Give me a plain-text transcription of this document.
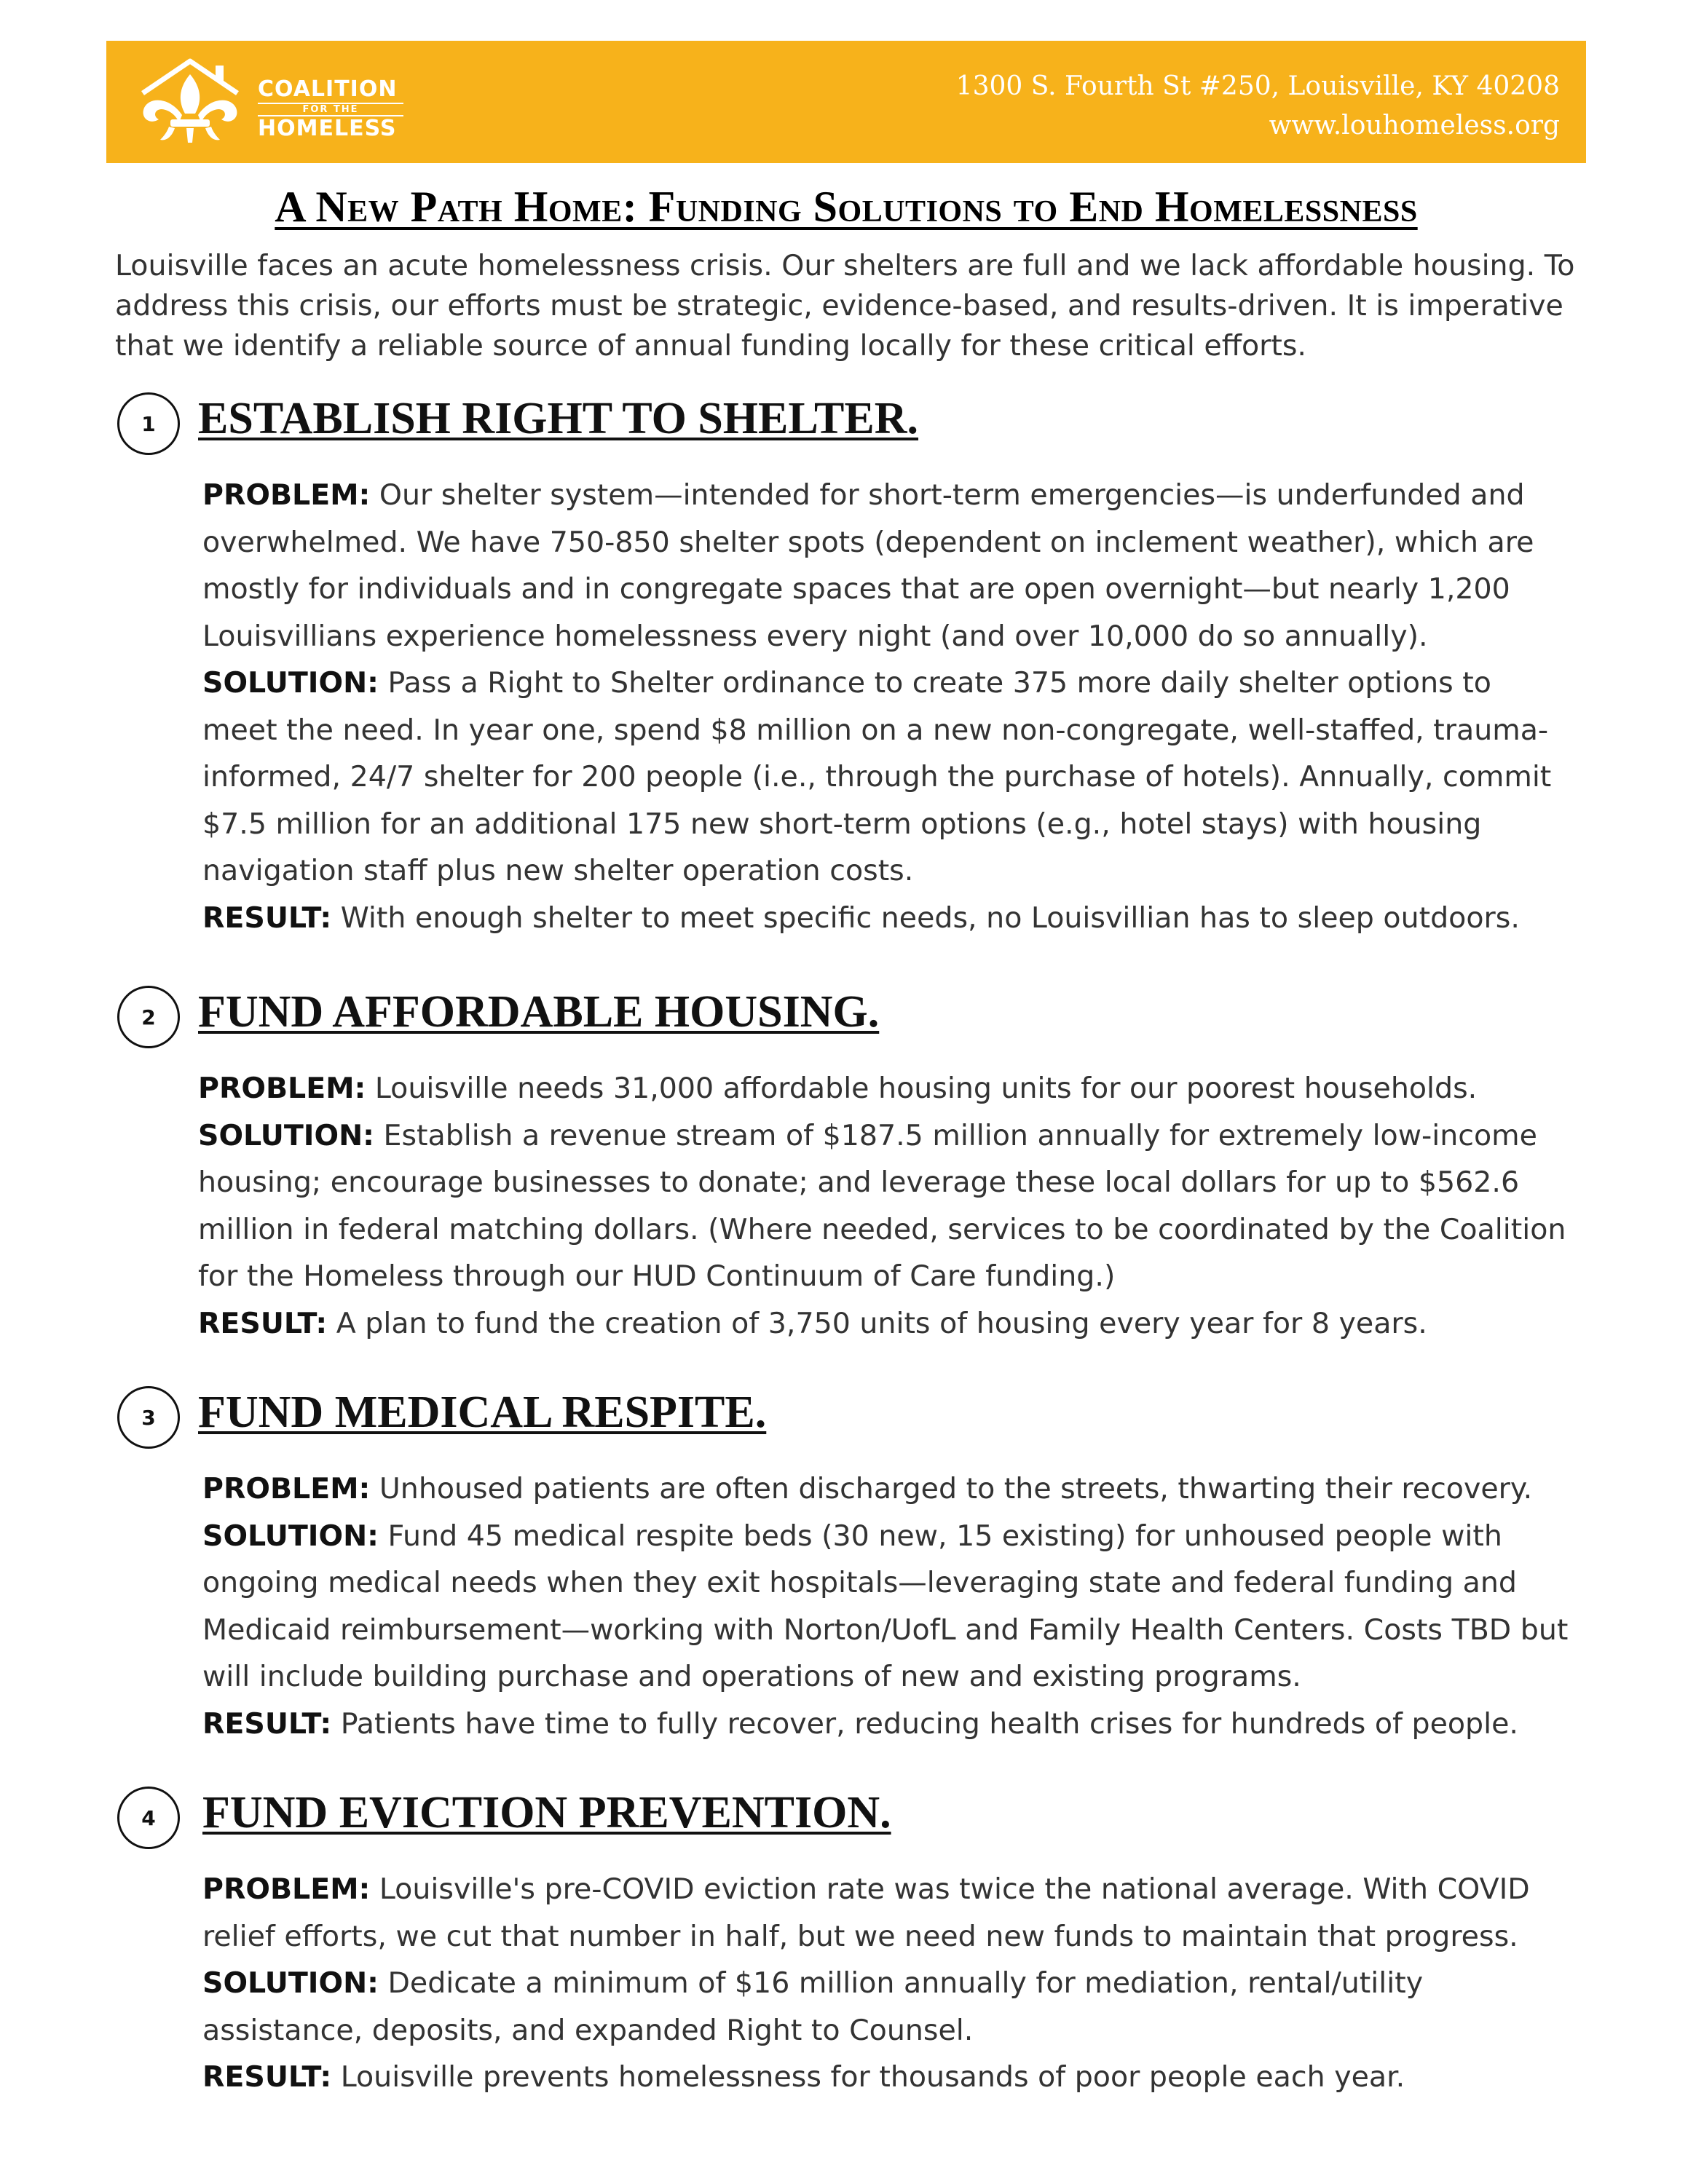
COALITION
FOR THE
HOMELESS
1300 S. Fourth St #250, Louisville, KY 40208
www.louhomeless.org
A New Path Home: Funding Solutions to End Homelessness
Louisville faces an acute homelessness crisis. Our shelters are full and we lack affordable housing. To address this crisis, our efforts must be strategic, evidence-based, and results-driven. It is imperative that we identify a reliable source of annual funding locally for these critical efforts.
1 ESTABLISH RIGHT TO SHELTER.

PROBLEM: Our shelter system—intended for short-term emergencies—is underfunded and overwhelmed. We have 750-850 shelter spots (dependent on inclement weather), which are mostly for individuals and in congregate spaces that are open overnight—but nearly 1,200 Louisvillians experience homelessness every night (and over 10,000 do so annually).

SOLUTION: Pass a Right to Shelter ordinance to create 375 more daily shelter options to meet the need. In year one, spend $8 million on a new non-congregate, well-staffed, trauma-informed, 24/7 shelter for 200 people (i.e., through the purchase of hotels). Annually, commit $7.5 million for an additional 175 new short-term options (e.g., hotel stays) with housing navigation staff plus new shelter operation costs.

RESULT: With enough shelter to meet specific needs, no Louisvillian has to sleep outdoors.

2 FUND AFFORDABLE HOUSING.

PROBLEM: Louisville needs 31,000 affordable housing units for our poorest households.

SOLUTION: Establish a revenue stream of $187.5 million annually for extremely low-income housing; encourage businesses to donate; and leverage these local dollars for up to $562.6 million in federal matching dollars. (Where needed, services to be coordinated by the Coalition for the Homeless through our HUD Continuum of Care funding.)

RESULT: A plan to fund the creation of 3,750 units of housing every year for 8 years.

3 FUND MEDICAL RESPITE.

PROBLEM: Unhoused patients are often discharged to the streets, thwarting their recovery.

SOLUTION: Fund 45 medical respite beds (30 new, 15 existing) for unhoused people with ongoing medical needs when they exit hospitals—leveraging state and federal funding and Medicaid reimbursement—working with Norton/UofL and Family Health Centers. Costs TBD but will include building purchase and operations of new and existing programs.

RESULT: Patients have time to fully recover, reducing health crises for hundreds of people.

4	FUND EVICTION PREVENTION.

PROBLEM: Louisville's pre-COVID eviction rate was twice the national average. With COVID relief efforts, we cut that number in half, but we need new funds to maintain that progress.

SOLUTION: Dedicate a minimum of $16 million annually for mediation, rental/utility assistance, deposits, and expanded Right to Counsel.

RESULT: Louisville prevents homelessness for thousands of poor people each year.
